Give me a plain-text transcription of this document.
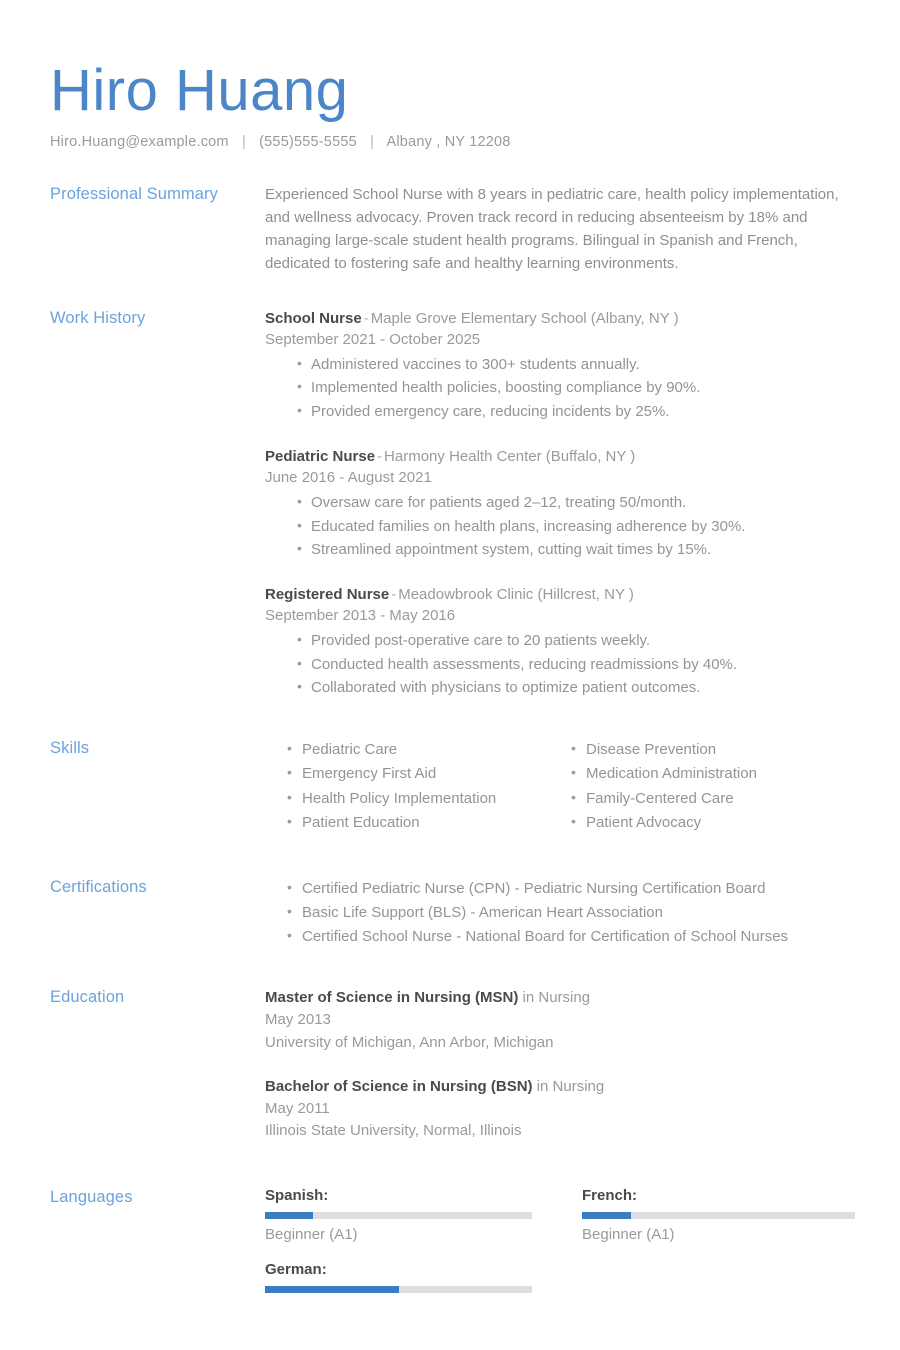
Hiro Huang
Hiro.Huang@example.com | (555)555-5555 | Albany , NY 12208
Professional Summary	Experienced School Nurse with 8 years in pediatric care, health policy implementation, and wellness advocacy. Proven track record in reducing absenteeism by 18% and managing large-scale student health programs. Bilingual in Spanish and French, dedicated to fostering safe and healthy learning environments.
Work History	School Nurse - Maple Grove Elementary School (Albany, NY )
September 2021 - October 2025
• Administered vaccines to 300+ students annually.
• Implemented health policies, boosting compliance by 90%.
• Provided emergency care, reducing incidents by 25%.
Pediatric Nurse - Harmony Health Center (Buffalo, NY )
June 2016 - August 2021
• Oversaw care for patients aged 2–12, treating 50/month.
• Educated families on health plans, increasing adherence by 30%.
• Streamlined appointment system, cutting wait times by 15%.
Registered Nurse - Meadowbrook Clinic (Hillcrest, NY )
September 2013 - May 2016
• Provided post-operative care to 20 patients weekly.
• Conducted health assessments, reducing readmissions by 40%.
• Collaborated with physicians to optimize patient outcomes.
Skills	• Pediatric Care
• Emergency First Aid
• Health Policy Implementation
• Patient Education
• Disease Prevention
• Medication Administration
• Family-Centered Care
• Patient Advocacy
Certifications	• Certified Pediatric Nurse (CPN) - Pediatric Nursing Certification Board
• Basic Life Support (BLS) - American Heart Association
• Certified School Nurse - National Board for Certification of School Nurses
Education	Master of Science in Nursing (MSN) in Nursing
May 2013
University of Michigan, Ann Arbor, Michigan
Bachelor of Science in Nursing (BSN) in Nursing
May 2011
Illinois State University, Normal, Illinois
Languages	Spanish:
Beginner (A1)
French:
Beginner (A1)
German:
